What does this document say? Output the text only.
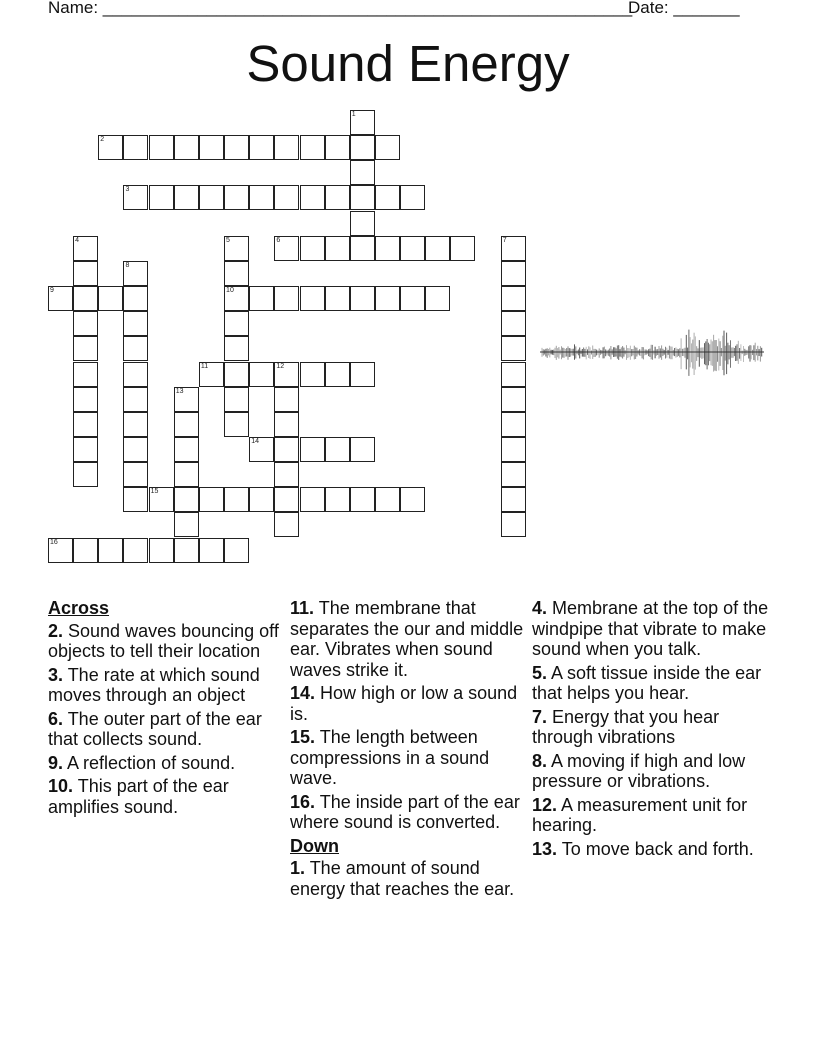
Name: ________________________________________________________
Date: _______
Sound Energy
1
2
3
4	5
10
6	7
8
9
11	12
13
14
15
16
Across
2. Sound waves bouncing off objects to tell their location
3. The rate at which sound moves through an object
6. The outer part of the ear that collects sound.
9. A reflection of sound.
10. This part of the ear amplifies sound.
11. The membrane that separates the our and middle ear. Vibrates when sound waves strike it.
14. How high or low a sound is.
15. The length between compressions in a sound wave.
16. The inside part of the ear where sound is converted.
Down
1. The amount of sound energy that reaches the ear.
4. Membrane at the top of the windpipe that vibrate to make sound when you talk.
5. A soft tissue inside the ear that helps you hear.
7. Energy that you hear through vibrations
8. A moving if high and low pressure or vibrations.
12. A measurement unit for hearing.
13. To move back and forth.
